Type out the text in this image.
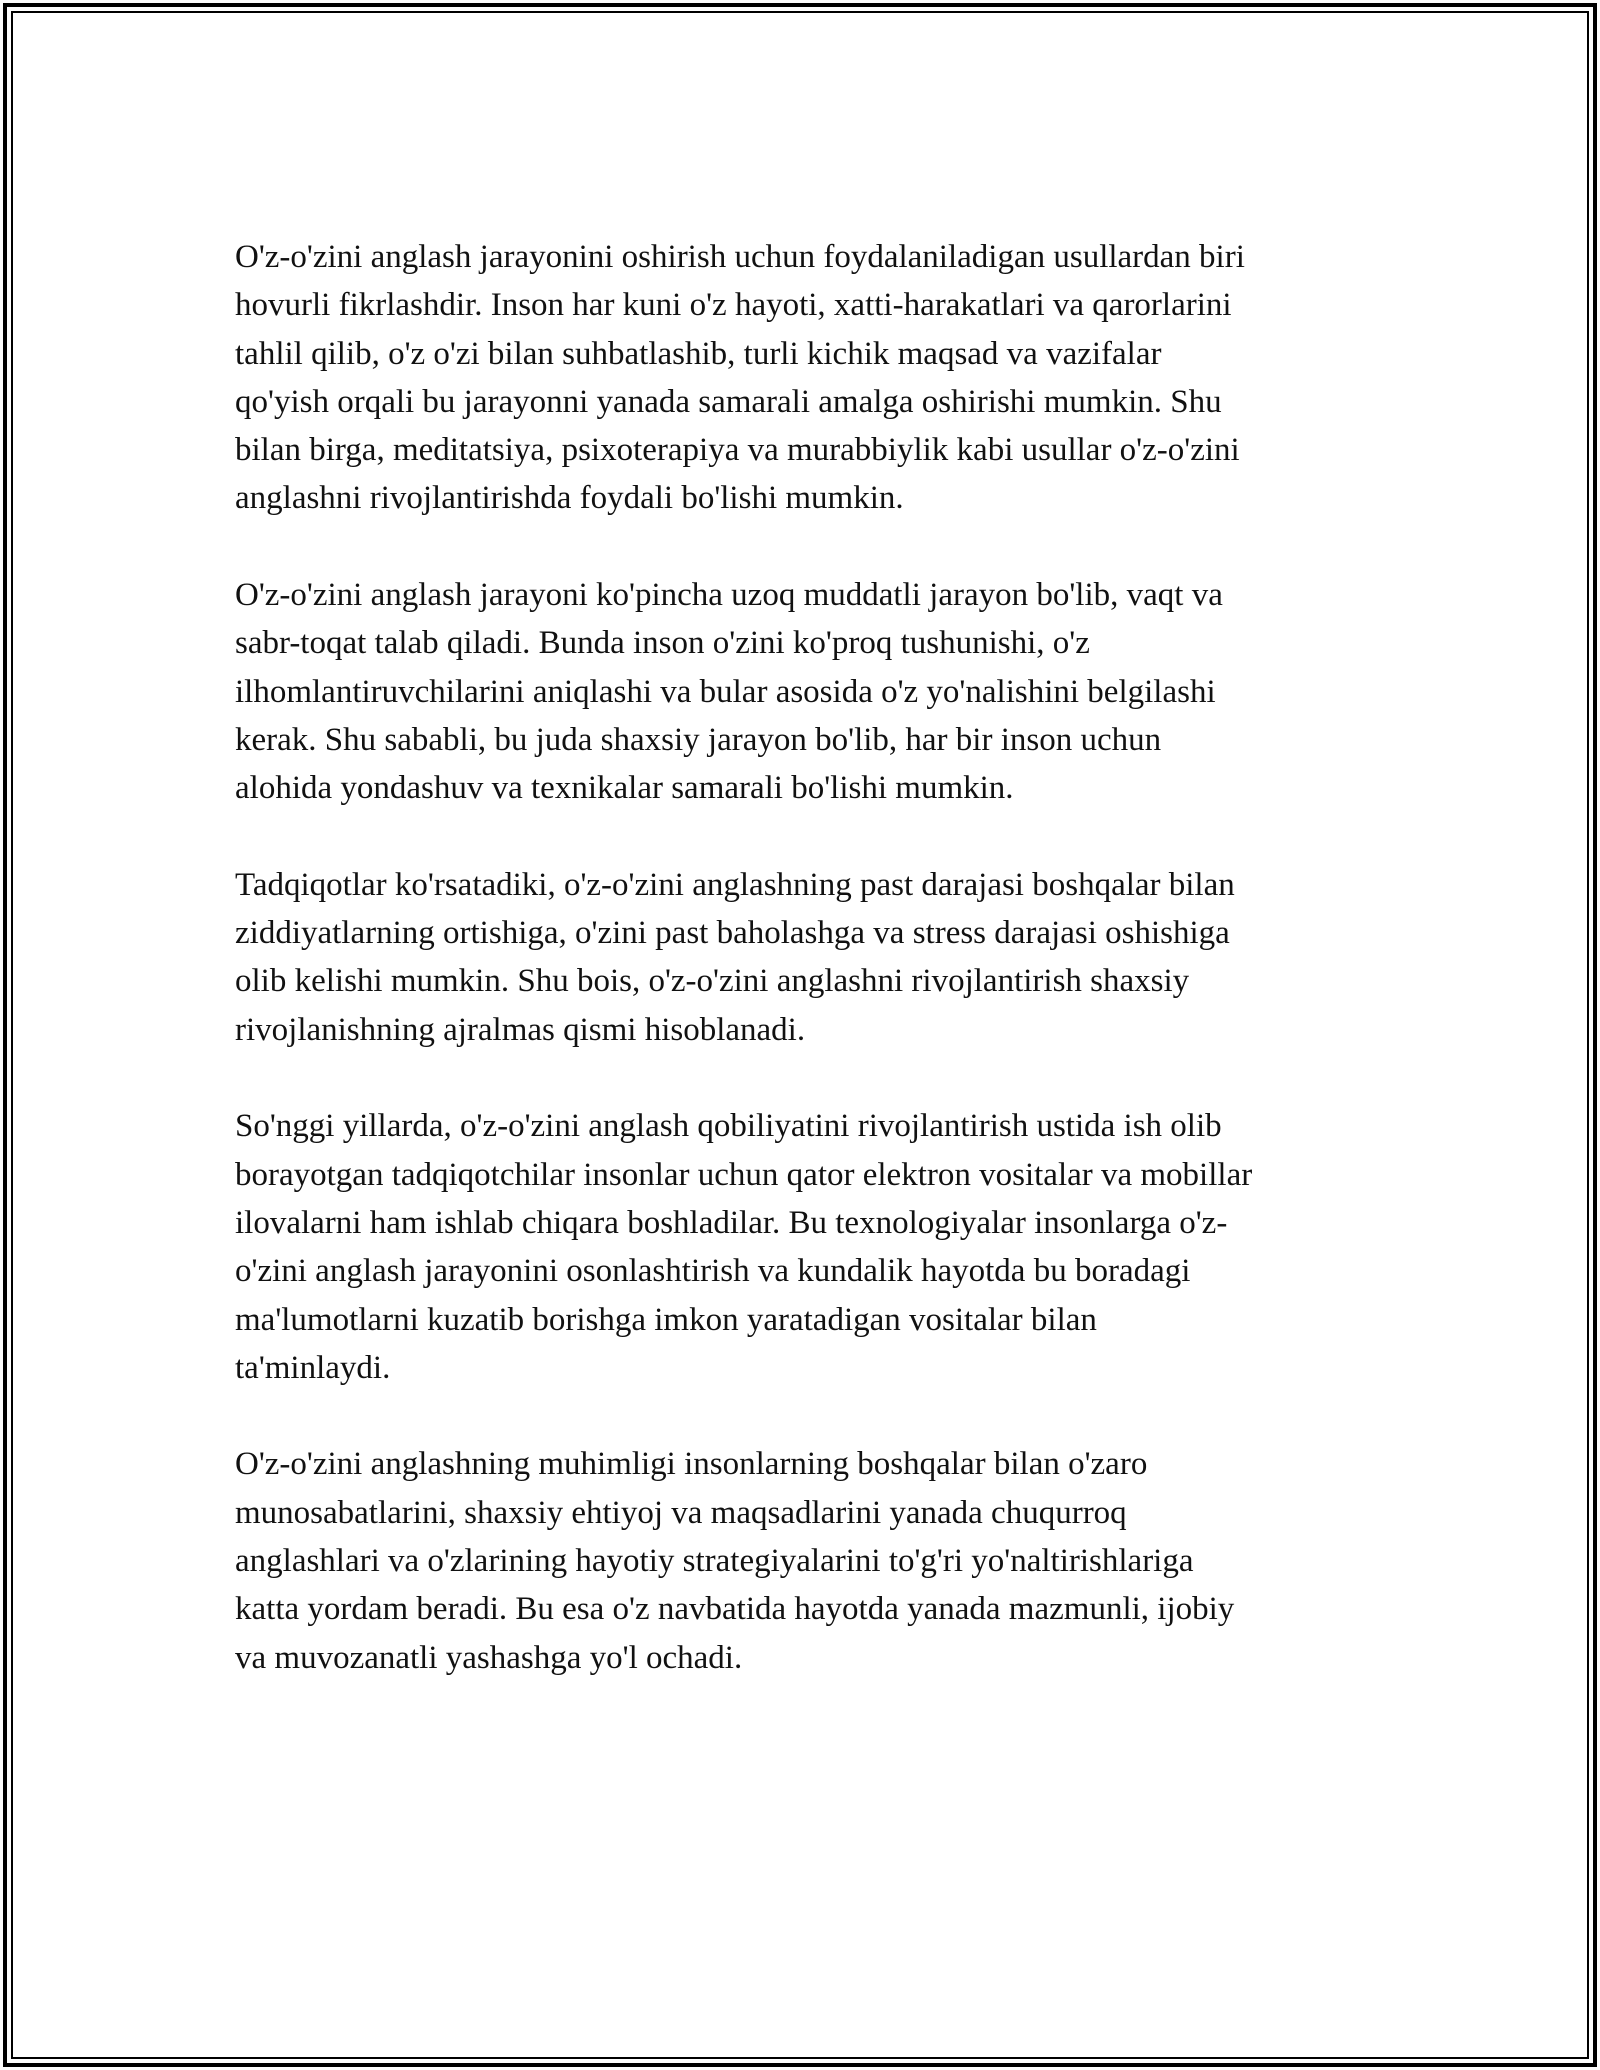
O'z-o'zini anglash jarayonini oshirish uchun foydalaniladigan usullardan biri
hovurli fikrlashdir. Inson har kuni o'z hayoti, xatti-harakatlari va qarorlarini
tahlil qilib, o'z o'zi bilan suhbatlashib, turli kichik maqsad va vazifalar
qo'yish orqali bu jarayonni yanada samarali amalga oshirishi mumkin. Shu
bilan birga, meditatsiya, psixoterapiya va murabbiylik kabi usullar o'z-o'zini
anglashni rivojlantirishda foydali bo'lishi mumkin.

O'z-o'zini anglash jarayoni ko'pincha uzoq muddatli jarayon bo'lib, vaqt va
sabr-toqat talab qiladi. Bunda inson o'zini ko'proq tushunishi, o'z
ilhomlantiruvchilarini aniqlashi va bular asosida o'z yo'nalishini belgilashi
kerak. Shu sababli, bu juda shaxsiy jarayon bo'lib, har bir inson uchun
alohida yondashuv va texnikalar samarali bo'lishi mumkin.

Tadqiqotlar ko'rsatadiki, o'z-o'zini anglashning past darajasi boshqalar bilan
ziddiyatlarning ortishiga, o'zini past baholashga va stress darajasi oshishiga
olib kelishi mumkin. Shu bois, o'z-o'zini anglashni rivojlantirish shaxsiy
rivojlanishning ajralmas qismi hisoblanadi.

So'nggi yillarda, o'z-o'zini anglash qobiliyatini rivojlantirish ustida ish olib
borayotgan tadqiqotchilar insonlar uchun qator elektron vositalar va mobillar
ilovalarni ham ishlab chiqara boshladilar. Bu texnologiyalar insonlarga o'z-
o'zini anglash jarayonini osonlashtirish va kundalik hayotda bu boradagi
ma'lumotlarni kuzatib borishga imkon yaratadigan vositalar bilan
ta'minlaydi.

O'z-o'zini anglashning muhimligi insonlarning boshqalar bilan o'zaro
munosabatlarini, shaxsiy ehtiyoj va maqsadlarini yanada chuqurroq
anglashlari va o'zlarining hayotiy strategiyalarini to'g'ri yo'naltirishlariga
katta yordam beradi. Bu esa o'z navbatida hayotda yanada mazmunli, ijobiy
va muvozanatli yashashga yo'l ochadi.
